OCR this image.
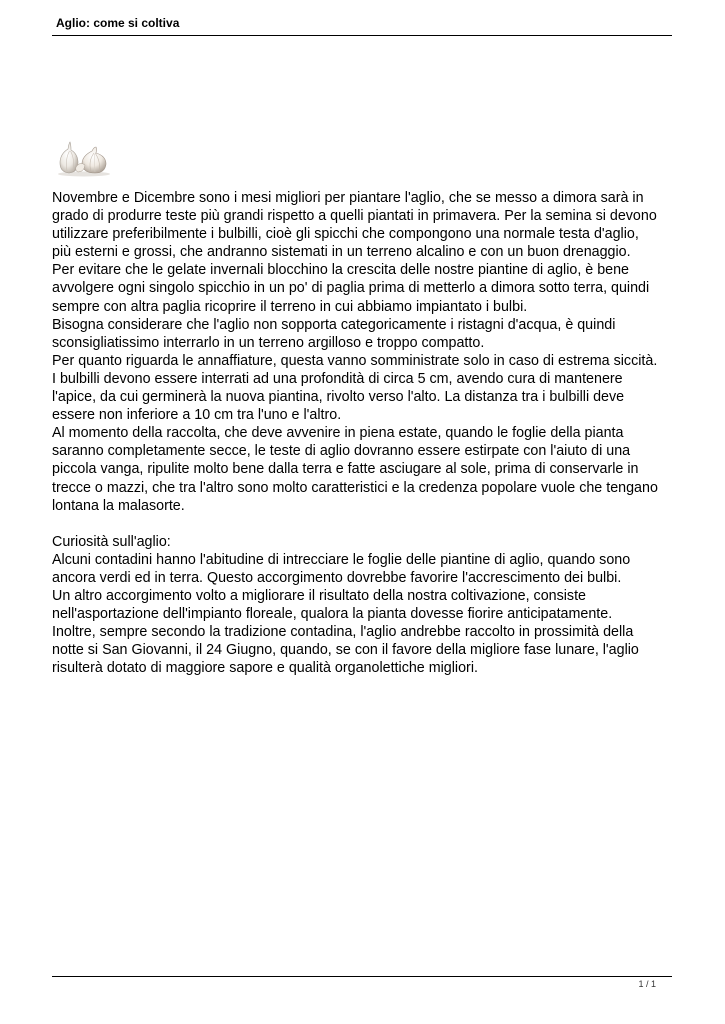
Aglio: come si coltiva
Novembre e Dicembre sono i mesi migliori per piantare l'aglio, che se messo a dimora sarà in
grado di produrre teste più grandi rispetto a quelli piantati in primavera. Per la semina si devono
utilizzare preferibilmente i bulbilli, cioè gli spicchi che compongono una normale testa d'aglio,
più esterni e grossi, che andranno sistemati in un terreno alcalino e con un buon drenaggio.
Per evitare che le gelate invernali blocchino la crescita delle nostre piantine di aglio, è bene
avvolgere ogni singolo spicchio in un po' di paglia prima di metterlo a dimora sotto terra, quindi
sempre con altra paglia ricoprire il terreno in cui abbiamo impiantato i bulbi.
Bisogna considerare che l'aglio non sopporta categoricamente i ristagni d'acqua, è quindi
sconsigliatissimo interrarlo in un terreno argilloso e troppo compatto.
Per quanto riguarda le annaffiature, questa vanno somministrate solo in caso di estrema siccità.
I bulbilli devono essere interrati ad una profondità di circa 5 cm, avendo cura di mantenere
l'apice, da cui germinerà la nuova piantina, rivolto verso l'alto. La distanza tra i bulbilli deve
essere non inferiore a 10 cm tra l'uno e l'altro.
Al momento della raccolta, che deve avvenire in piena estate, quando le foglie della pianta
saranno completamente secce, le teste di aglio dovranno essere estirpate con l'aiuto di una
piccola vanga, ripulite molto bene dalla terra e fatte asciugare al sole, prima di conservarle in
trecce o mazzi, che tra l'altro sono molto caratteristici e la credenza popolare vuole che tengano
lontana la malasorte.
Curiosità sull'aglio:
Alcuni contadini hanno l'abitudine di intrecciare le foglie delle piantine di aglio, quando sono
ancora verdi ed in terra. Questo accorgimento dovrebbe favorire l'accrescimento dei bulbi.
Un altro accorgimento volto a migliorare il risultato della nostra coltivazione, consiste
nell'asportazione dell'impianto floreale, qualora la pianta dovesse fiorire anticipatamente.
Inoltre, sempre secondo la tradizione contadina, l'aglio andrebbe raccolto in prossimità della
notte si San Giovanni, il 24 Giugno, quando, se con il favore della migliore fase lunare, l'aglio
risulterà dotato di maggiore sapore e qualità organolettiche migliori.
1 / 1
